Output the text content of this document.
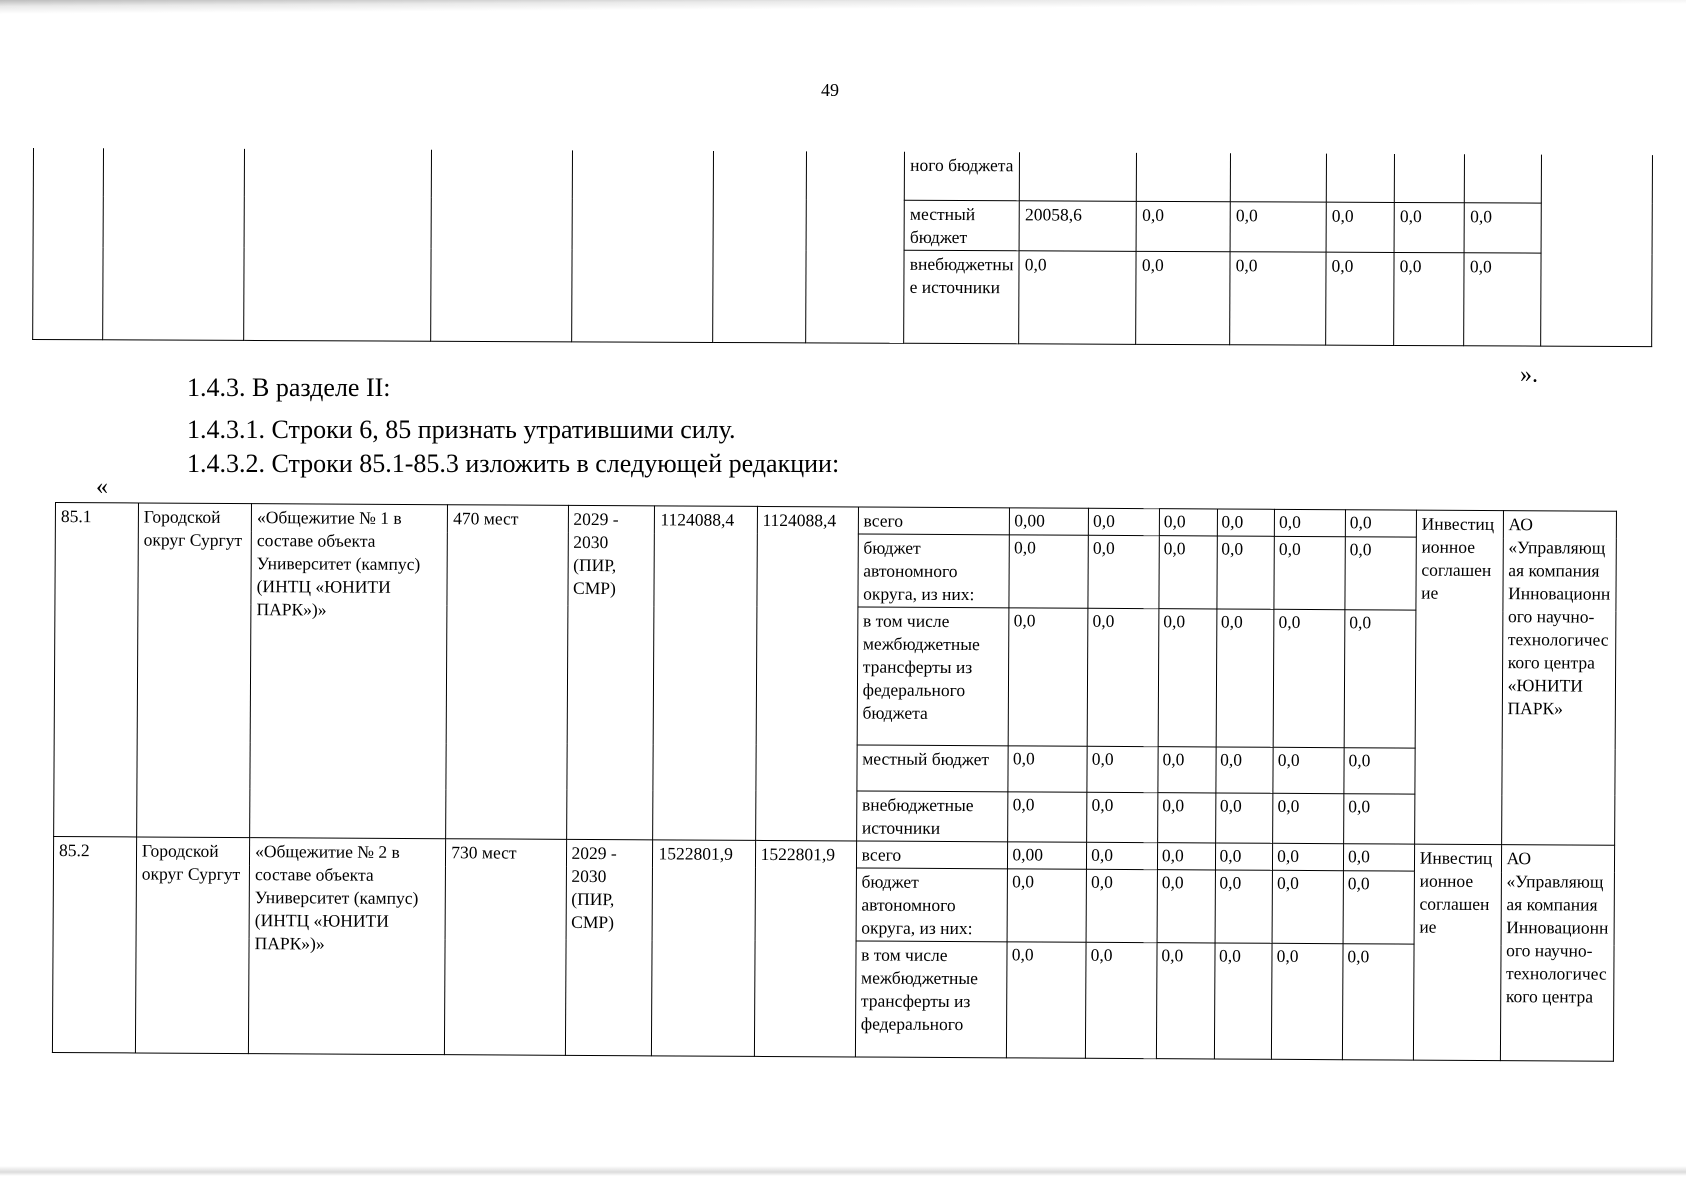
49
							ного бюджета							
							местный бюджет	20058,6	0,0	0,0	0,0	0,0	0,0	
							внебюджетные источники	0,0	0,0	0,0	0,0	0,0	0,0	
».
1.4.3. В разделе II:
1.4.3.1. Строки 6, 85 признать утратившими силу.
1.4.3.2. Строки 85.1-85.3 изложить в следующей редакции:
«
85.1	Городской округ Сургут	«Общежитие № 1 в составе объекта Университет (кампус) (ИНТЦ «ЮНИТИ ПАРК»)»	470 мест	2029 - 2030 (ПИР, СМР)	1124088,4	1124088,4	всего	0,00	0,0	0,0	0,0	0,0	0,0	Инвестиционное соглашение	АО «Управляющая компания Инновационного научно-технологического центра «ЮНИТИ ПАРК»
							бюджет автономного округа, из них:	0,0	0,0	0,0	0,0	0,0	0,0		
							в том числе межбюджетные трансферты из федерального бюджета	0,0	0,0	0,0	0,0	0,0	0,0		
							местный бюджет	0,0	0,0	0,0	0,0	0,0	0,0		
							внебюджетные источники	0,0	0,0	0,0	0,0	0,0	0,0		
85.2	Городской округ Сургут	«Общежитие № 2 в составе объекта Университет (кампус) (ИНТЦ «ЮНИТИ ПАРК»)»	730 мест	2029 - 2030 (ПИР, СМР)	1522801,9	1522801,9	всего	0,00	0,0	0,0	0,0	0,0	0,0	Инвестиционное соглашение	АО «Управляющая компания Инновационного научно-технологического центра
							бюджет автономного округа, из них:	0,0	0,0	0,0	0,0	0,0	0,0		
							в том числе межбюджетные трансферты из федерального	0,0	0,0	0,0	0,0	0,0	0,0		
